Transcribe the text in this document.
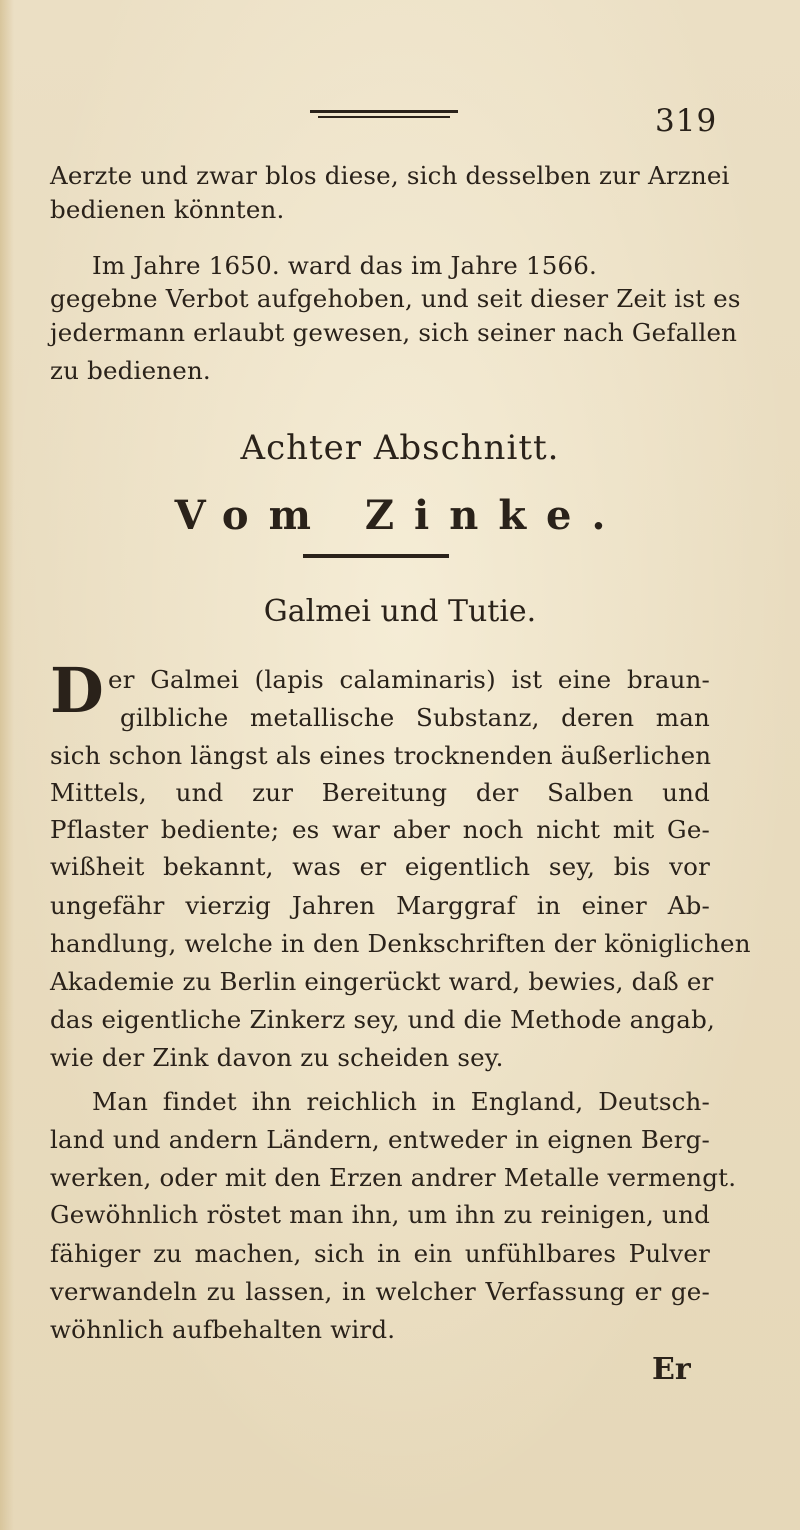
319
Aerzte und zwar blos diese, sich desselben zur Arznei
bedienen könnten.
Im Jahre 1650. ward das im Jahre 1566.
gegebne Verbot aufgehoben, und seit dieser Zeit ist es
jedermann erlaubt gewesen, sich seiner nach Gefallen
zu bedienen.
Achter Abschnitt.
Vom Zinke.
Galmei und Tutie.
D er Galmei (lapis calaminaris) ist eine braun-
gilbliche metallische Substanz, deren man
sich schon längst als eines trocknenden äußerlichen
Mittels, und zur Bereitung der Salben und
Pflaster bediente; es war aber noch nicht mit Ge-
wißheit bekannt, was er eigentlich sey, bis vor
ungefähr vierzig Jahren Marggraf in einer Ab-
handlung, welche in den Denkschriften der königlichen
Akademie zu Berlin eingerückt ward, bewies, daß er
das eigentliche Zinkerz sey, und die Methode angab,
wie der Zink davon zu scheiden sey.
Man findet ihn reichlich in England, Deutsch-
land und andern Ländern, entweder in eignen Berg-
werken, oder mit den Erzen andrer Metalle vermengt.
Gewöhnlich röstet man ihn, um ihn zu reinigen, und
fähiger zu machen, sich in ein unfühlbares Pulver
verwandeln zu lassen, in welcher Verfassung er ge-
wöhnlich aufbehalten wird.
Er
